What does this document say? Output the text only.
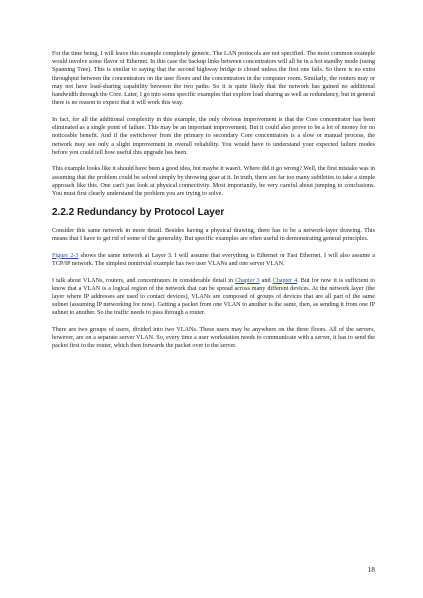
For the time being, I will leave this example completely generic. The LAN protocols are not specified. The most common example would involve some flavor of Ethernet. In this case the backup links between concentrators will all be in a hot standby mode (using Spanning Tree). This is similar to saying that the second highway bridge is closed unless the first one fails. So there is no extra throughput between the concentrators on the user floors and the concentrators in the computer room. Similarly, the routers may or may not have load-sharing capability between the two paths. So it is quite likely that the network has gained no additional bandwidth through the Core. Later, I go into some specific examples that explore load sharing as well as redundancy, but in general there is no reason to expect that it will work this way.

In fact, for all the additional complexity in this example, the only obvious improvement is that the Core concentrator has been eliminated as a single point of failure. This may be an important improvement. But it could also prove to be a lot of money for no noticeable benefit. And if the switchover from the primary to secondary Core concentrators is a slow or manual process, the network may see only a slight improvement in overall reliability. You would have to understand your expected failure modes before you could tell how useful this upgrade has been.

This example looks like it should have been a good idea, but maybe it wasn't. Where did it go wrong? Well, the first mistake was in assuming that the problem could be solved simply by throwing gear at it. In truth, there are far too many subtleties to take a simple approach like this. One can't just look at physical connectivity. Most importantly, be very careful about jumping to conclusions. You must first clearly understand the problem you are trying to solve.

2.2.2 Redundancy by Protocol Layer

Consider this same network in more detail. Besides having a physical drawing, there has to be a network-layer drawing. This means that I have to get rid of some of the generality. But specific examples are often useful in demonstrating general principles.

Figure 2-3 shows the same network at Layer 3. I will assume that everything is Ethernet or Fast Ethernet. I will also assume a TCP/IP network. The simplest nontrivial example has two user VLANs and one server VLAN.

I talk about VLANs, routers, and concentrators in considerable detail in Chapter 3 and Chapter 4. But for now it is sufficient to know that a VLAN is a logical region of the network that can be spread across many different devices. At the network layer (the layer where IP addresses are used to contact devices), VLANs are composed of groups of devices that are all part of the same subnet (assuming IP networking for now). Getting a packet from one VLAN to another is the same, then, as sending it from one IP subnet to another. So the traffic needs to pass through a router.

There are two groups of users, divided into two VLANs. These users may be anywhere on the three floors. All of the servers, however, are on a separate server VLAN. So, every time a user workstation needs to communicate with a server, it has to send the packet first to the router, which then forwards the packet over to the server.

18
